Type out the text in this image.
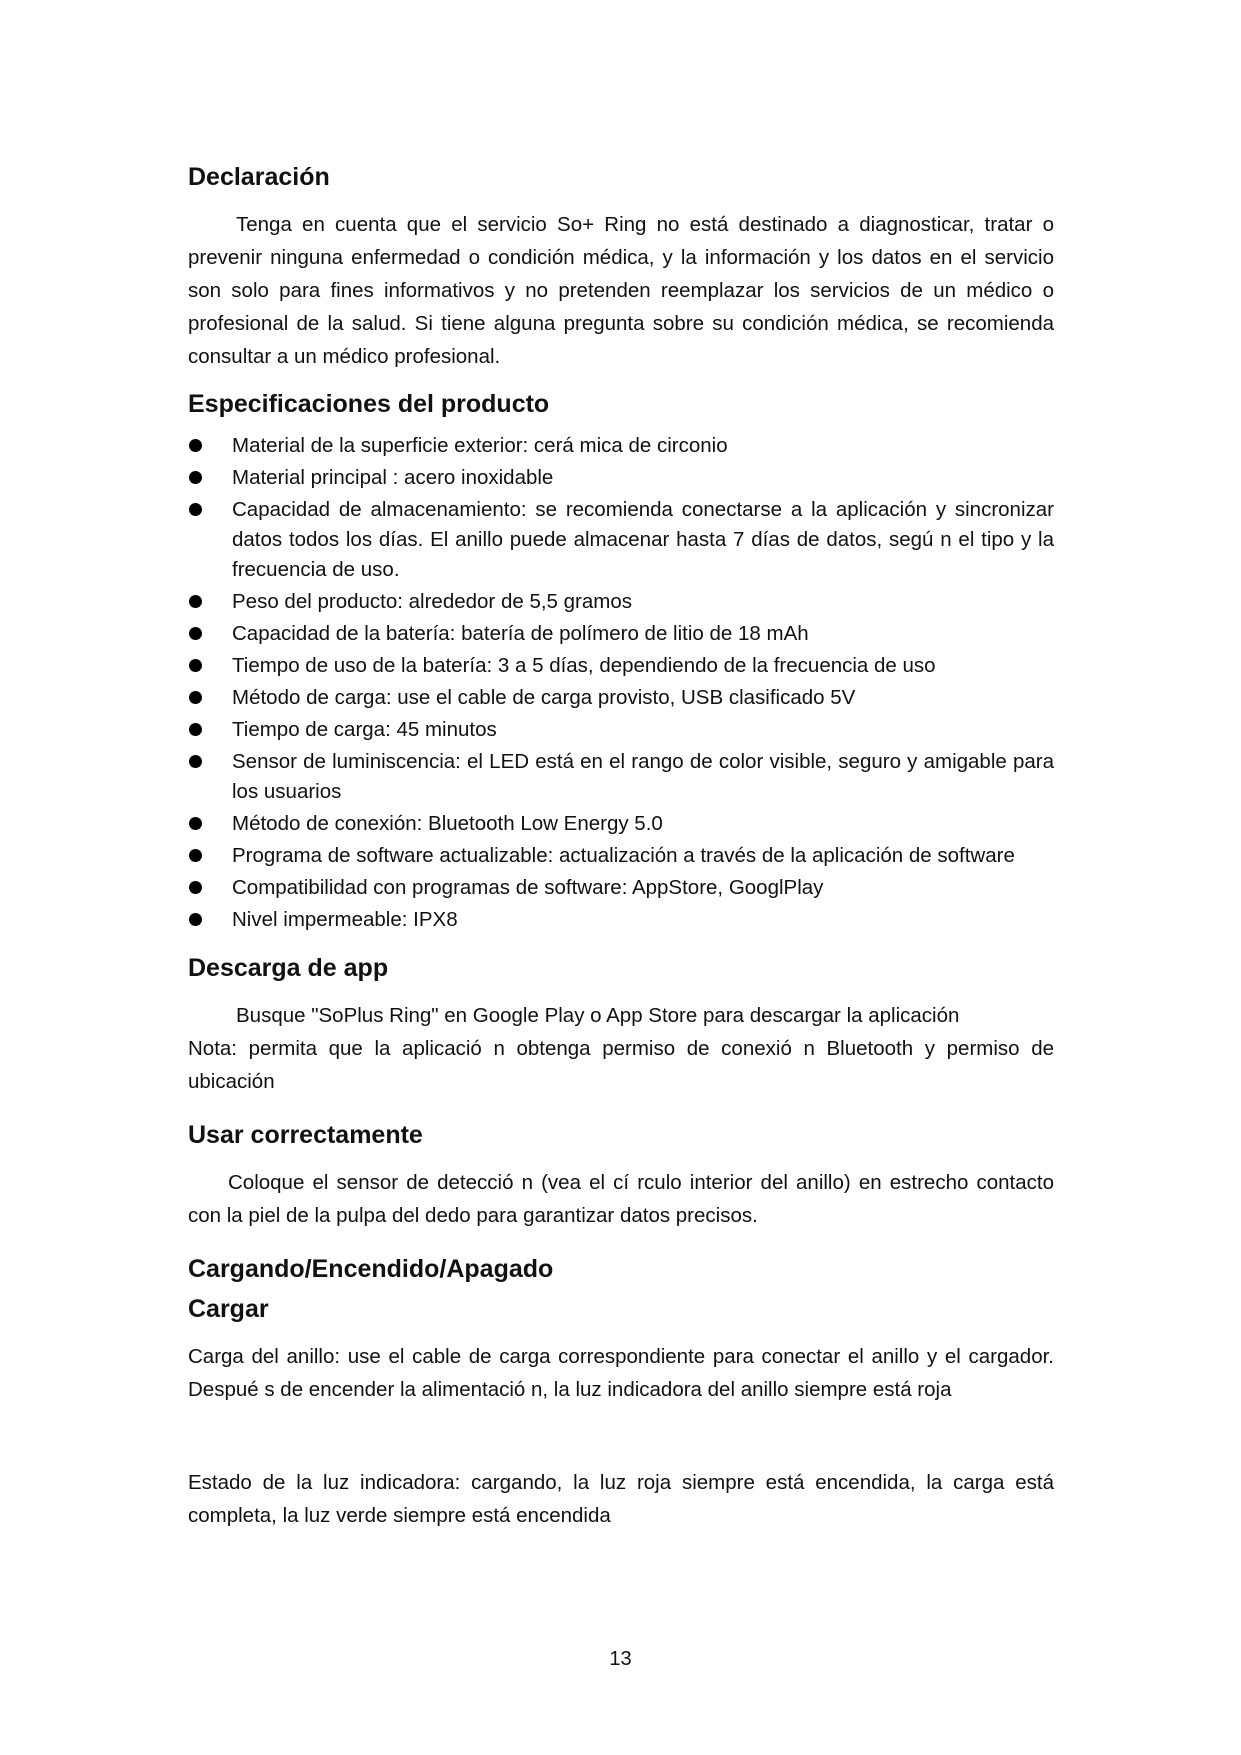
Declaración

Tenga en cuenta que el servicio So+ Ring no está destinado a diagnosticar, tratar o prevenir ninguna enfermedad o condición médica, y la información y los datos en el servicio son solo para fines informativos y no pretenden reemplazar los servicios de un médico o profesional de la salud. Si tiene alguna pregunta sobre su condición médica, se recomienda consultar a un médico profesional.

Especificaciones del producto
Material de la superficie exterior: cerá mica de circonio
Material principal : acero inoxidable
Capacidad de almacenamiento: se recomienda conectarse a la aplicación y sincronizar datos todos los días. El anillo puede almacenar hasta 7 días de datos, segú n el tipo y la frecuencia de uso.
Peso del producto: alrededor de 5,5 gramos
Capacidad de la batería: batería de polímero de litio de 18 mAh
Tiempo de uso de la batería: 3 a 5 días, dependiendo de la frecuencia de uso
Método de carga: use el cable de carga provisto, USB clasificado 5V
Tiempo de carga: 45 minutos
Sensor de luminiscencia: el LED está en el rango de color visible, seguro y amigable para los usuarios
Método de conexión: Bluetooth Low Energy 5.0
Programa de software actualizable: actualización a través de la aplicación de software
Compatibilidad con programas de software: AppStore, GooglPlay
Nivel impermeable: IPX8
Descarga de app

Busque "SoPlus Ring" en Google Play o App Store para descargar la aplicación

Nota: permita que la aplicació n obtenga permiso de conexió n Bluetooth y permiso de ubicación

Usar correctamente

Coloque el sensor de detecció n (vea el cí rculo interior del anillo) en estrecho contacto con la piel de la pulpa del dedo para garantizar datos precisos.

Cargando/Encendido/Apagado
Cargar

Carga del anillo: use el cable de carga correspondiente para conectar el anillo y el cargador. Despué s de encender la alimentació n, la luz indicadora del anillo siempre está roja

Estado de la luz indicadora: cargando, la luz roja siempre está encendida, la carga está completa, la luz verde siempre está encendida

13
